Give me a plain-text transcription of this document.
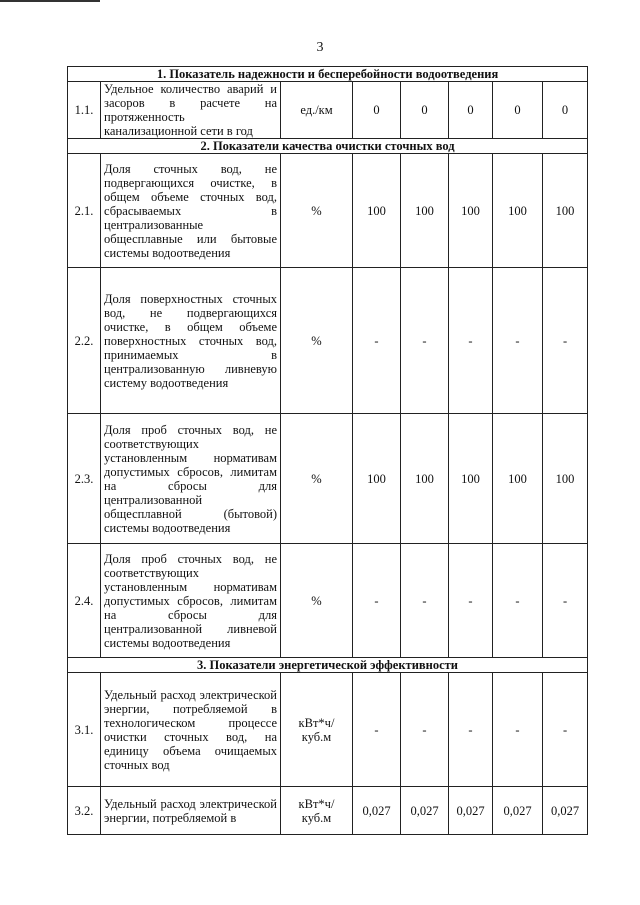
3
1. Показатель надежности и бесперебойности водоотведения							
1.1.	Удельное количество аварий и засоров в расчете на протяженность канализационной сети в год	ед./км	0	0	0	0	0
2. Показатели качества очистки сточных вод							
2.1.	Доля сточных вод, не подвергающихся очистке, в общем объеме сточных вод, сбрасываемых в централизованные общесплавные или бытовые системы водоотведения	%	100	100	100	100	100
2.2.	Доля поверхностных сточных вод, не подвергающихся очистке, в общем объеме поверхностных сточных вод, принимаемых в централизованную ливневую систему водоотведения	%	-	-	-	-	-
2.3.	Доля проб сточных вод, не соответствующих установленным нормативам допустимых сбросов, лимитам на сбросы для централизованной общесплавной (бытовой) системы водоотведения	%	100	100	100	100	100
2.4.	Доля проб сточных вод, не соответствующих установленным нормативам допустимых сбросов, лимитам на сбросы для централизованной ливневой системы водоотведения	%	-	-	-	-	-
3. Показатели энергетической эффективности							
3.1.	Удельный расход электрической энергии, потребляемой в технологическом процессе очистки сточных вод, на единицу объема очищаемых сточных вод	кВт*ч/ куб.м	-	-	-	-	-
3.2.	Удельный расход электрической энергии, потребляемой в	кВт*ч/ куб.м	0,027	0,027	0,027	0,027	0,027
